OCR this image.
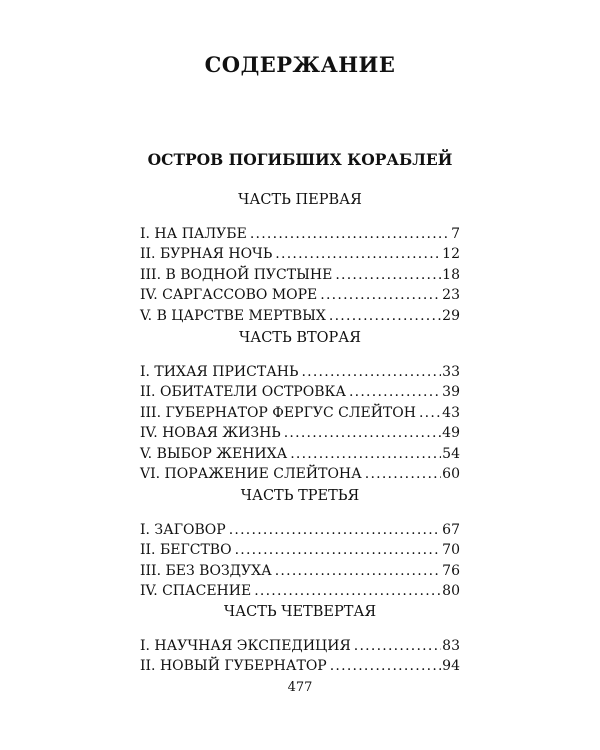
СОДЕРЖАНИЕ
ОСТРОВ ПОГИБШИХ КОРАБЛЕЙ
ЧАСТЬ ПЕРВАЯ
I. НА ПАЛУБЕ . . .	7
II. БУРНАЯ НОЧЬ . . .	12
III. В ВОДНОЙ ПУСТЫНЕ . . .	18
IV. САРГАССОВО МОРЕ . . .	23
V. В ЦАРСТВЕ МЕРТВЫХ . . .	29
ЧАСТЬ ВТОРАЯ
I. ТИХАЯ ПРИСТАНЬ . . .	33
II. ОБИТАТЕЛИ ОСТРОВКА . . .	39
III. ГУБЕРНАТОР ФЕРГУС СЛЕЙТОН . . . 43
IV. НОВАЯ ЖИЗНЬ . . .	49
V. ВЫБОР ЖЕНИХА . . .	54
VI. ПОРАЖЕНИЕ СЛЕЙТОНА . . .	60
ЧАСТЬ ТРЕТЬЯ
I. ЗАГОВОР . . .	67
II. БЕГСТВО . . .	70
III. БЕЗ ВОЗДУХА . . .	76
IV. СПАСЕНИЕ . . .	80
ЧАСТЬ ЧЕТВЕРТАЯ
I. НАУЧНАЯ ЭКСПЕДИЦИЯ . . .	83
II. НОВЫЙ ГУБЕРНАТОР . . .	94
477
